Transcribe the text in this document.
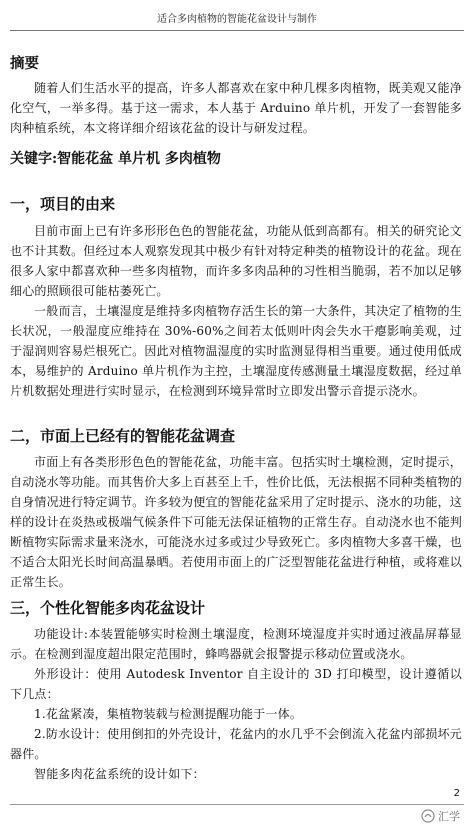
适合多肉植物的智能花盆设计与制作
摘要

随着人们生活水平的提高，许多人都喜欢在家中种几棵多肉植物，既美观又能净化空气，一举多得。基于这一需求，本人基于 Arduino 单片机，开发了一套智能多肉种植系统，本文将详细介绍该花盆的设计与研发过程。

关键字:智能花盆 单片机 多肉植物
一，项目的由来

目前市面上已有许多形形色色的智能花盆，功能从低到高都有。相关的研究论文也不计其数。但经过本人观察发现其中极少有针对特定种类的植物设计的花盆。现在很多人家中都喜欢种一些多肉植物，而许多多肉品种的习性相当脆弱，若不加以足够细心的照顾很可能枯萎死亡。

一般而言，土壤湿度是维持多肉植物存活生长的第一大条件，其决定了植物的生长状况，一般湿度应维持在 30%-60%之间若太低则叶肉会失水干瘪影响美观，过于湿润则容易烂根死亡。因此对植物温湿度的实时监测显得相当重要。通过使用低成本，易维护的 Arduino 单片机作为主控，土壤湿度传感测量土壤湿度数据，经过单片机数据处理进行实时显示，在检测到环境异常时立即发出警示音提示浇水。

二，市面上已经有的智能花盆调查

市面上有各类形形色色的智能花盆，功能丰富。包括实时土壤检测，定时提示，自动浇水等功能。而其售价大多上百甚至上千，性价比低，无法根据不同种类植物的自身情况进行特定调节。许多较为便宜的智能花盆采用了定时提示、浇水的功能，这样的设计在炎热或极端气候条件下可能无法保证植物的正常生存。自动浇水也不能判断植物实际需求量来浇水，可能浇水过多或过少导致死亡。多肉植物大多喜干燥，也不适合太阳光长时间高温暴晒。若使用市面上的广泛型智能花盆进行种植，或将难以正常生长。

三，个性化智能多肉花盆设计

功能设计:本装置能够实时检测土壤湿度，检测环境湿度并实时通过液晶屏幕显示。在检测到湿度超出限定范围时，蜂鸣器就会报警提示移动位置或浇水。

外形设计：使用 Autodesk Inventor 自主设计的 3D 打印模型，设计遵循以下几点：

1.花盆紧凑，集植物装载与检测提醒功能于一体。

2.防水设计：使用倒扣的外壳设计，花盆内的水几乎不会倒流入花盆内部损坏元器件。

智能多肉花盆系统的设计如下：

2
汇学
